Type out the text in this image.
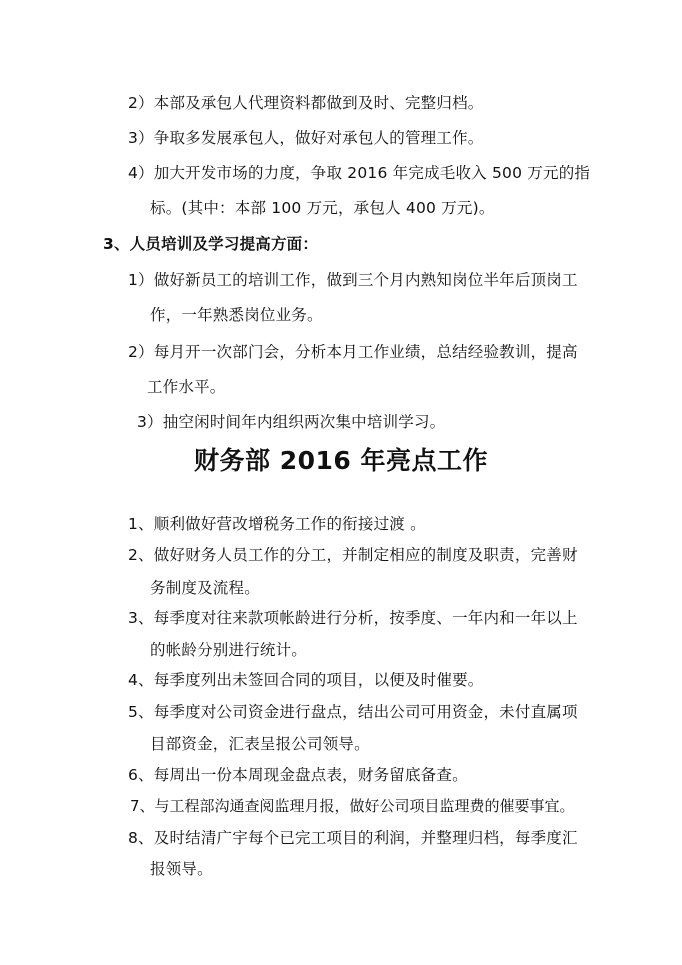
2）本部及承包人代理资料都做到及时、完整归档。
3）争取多发展承包人，做好对承包人的管理工作。
4）加大开发市场的力度，争取 2016 年完成毛收入 500 万元的指
标。(其中：本部 100 万元，承包人 400 万元)。
3、人员培训及学习提高方面：
1）做好新员工的培训工作，做到三个月内熟知岗位半年后顶岗工
作，一年熟悉岗位业务。
2）每月开一次部门会，分析本月工作业绩，总结经验教训，提高
工作水平。
3）抽空闲时间年内组织两次集中培训学习。
财务部 2016 年亮点工作
1、顺利做好营改增税务工作的衔接过渡 。
2、做好财务人员工作的分工，并制定相应的制度及职责，完善财
务制度及流程。
3、每季度对往来款项帐龄进行分析，按季度、一年内和一年以上
的帐龄分别进行统计。
4、每季度列出未签回合同的项目，以便及时催要。
5、每季度对公司资金进行盘点，结出公司可用资金，未付直属项
目部资金，汇表呈报公司领导。
6、每周出一份本周现金盘点表，财务留底备查。
7、与工程部沟通查阅监理月报，做好公司项目监理费的催要事宜。
8、及时结清广宇每个已完工项目的利润，并整理归档，每季度汇
报领导。
